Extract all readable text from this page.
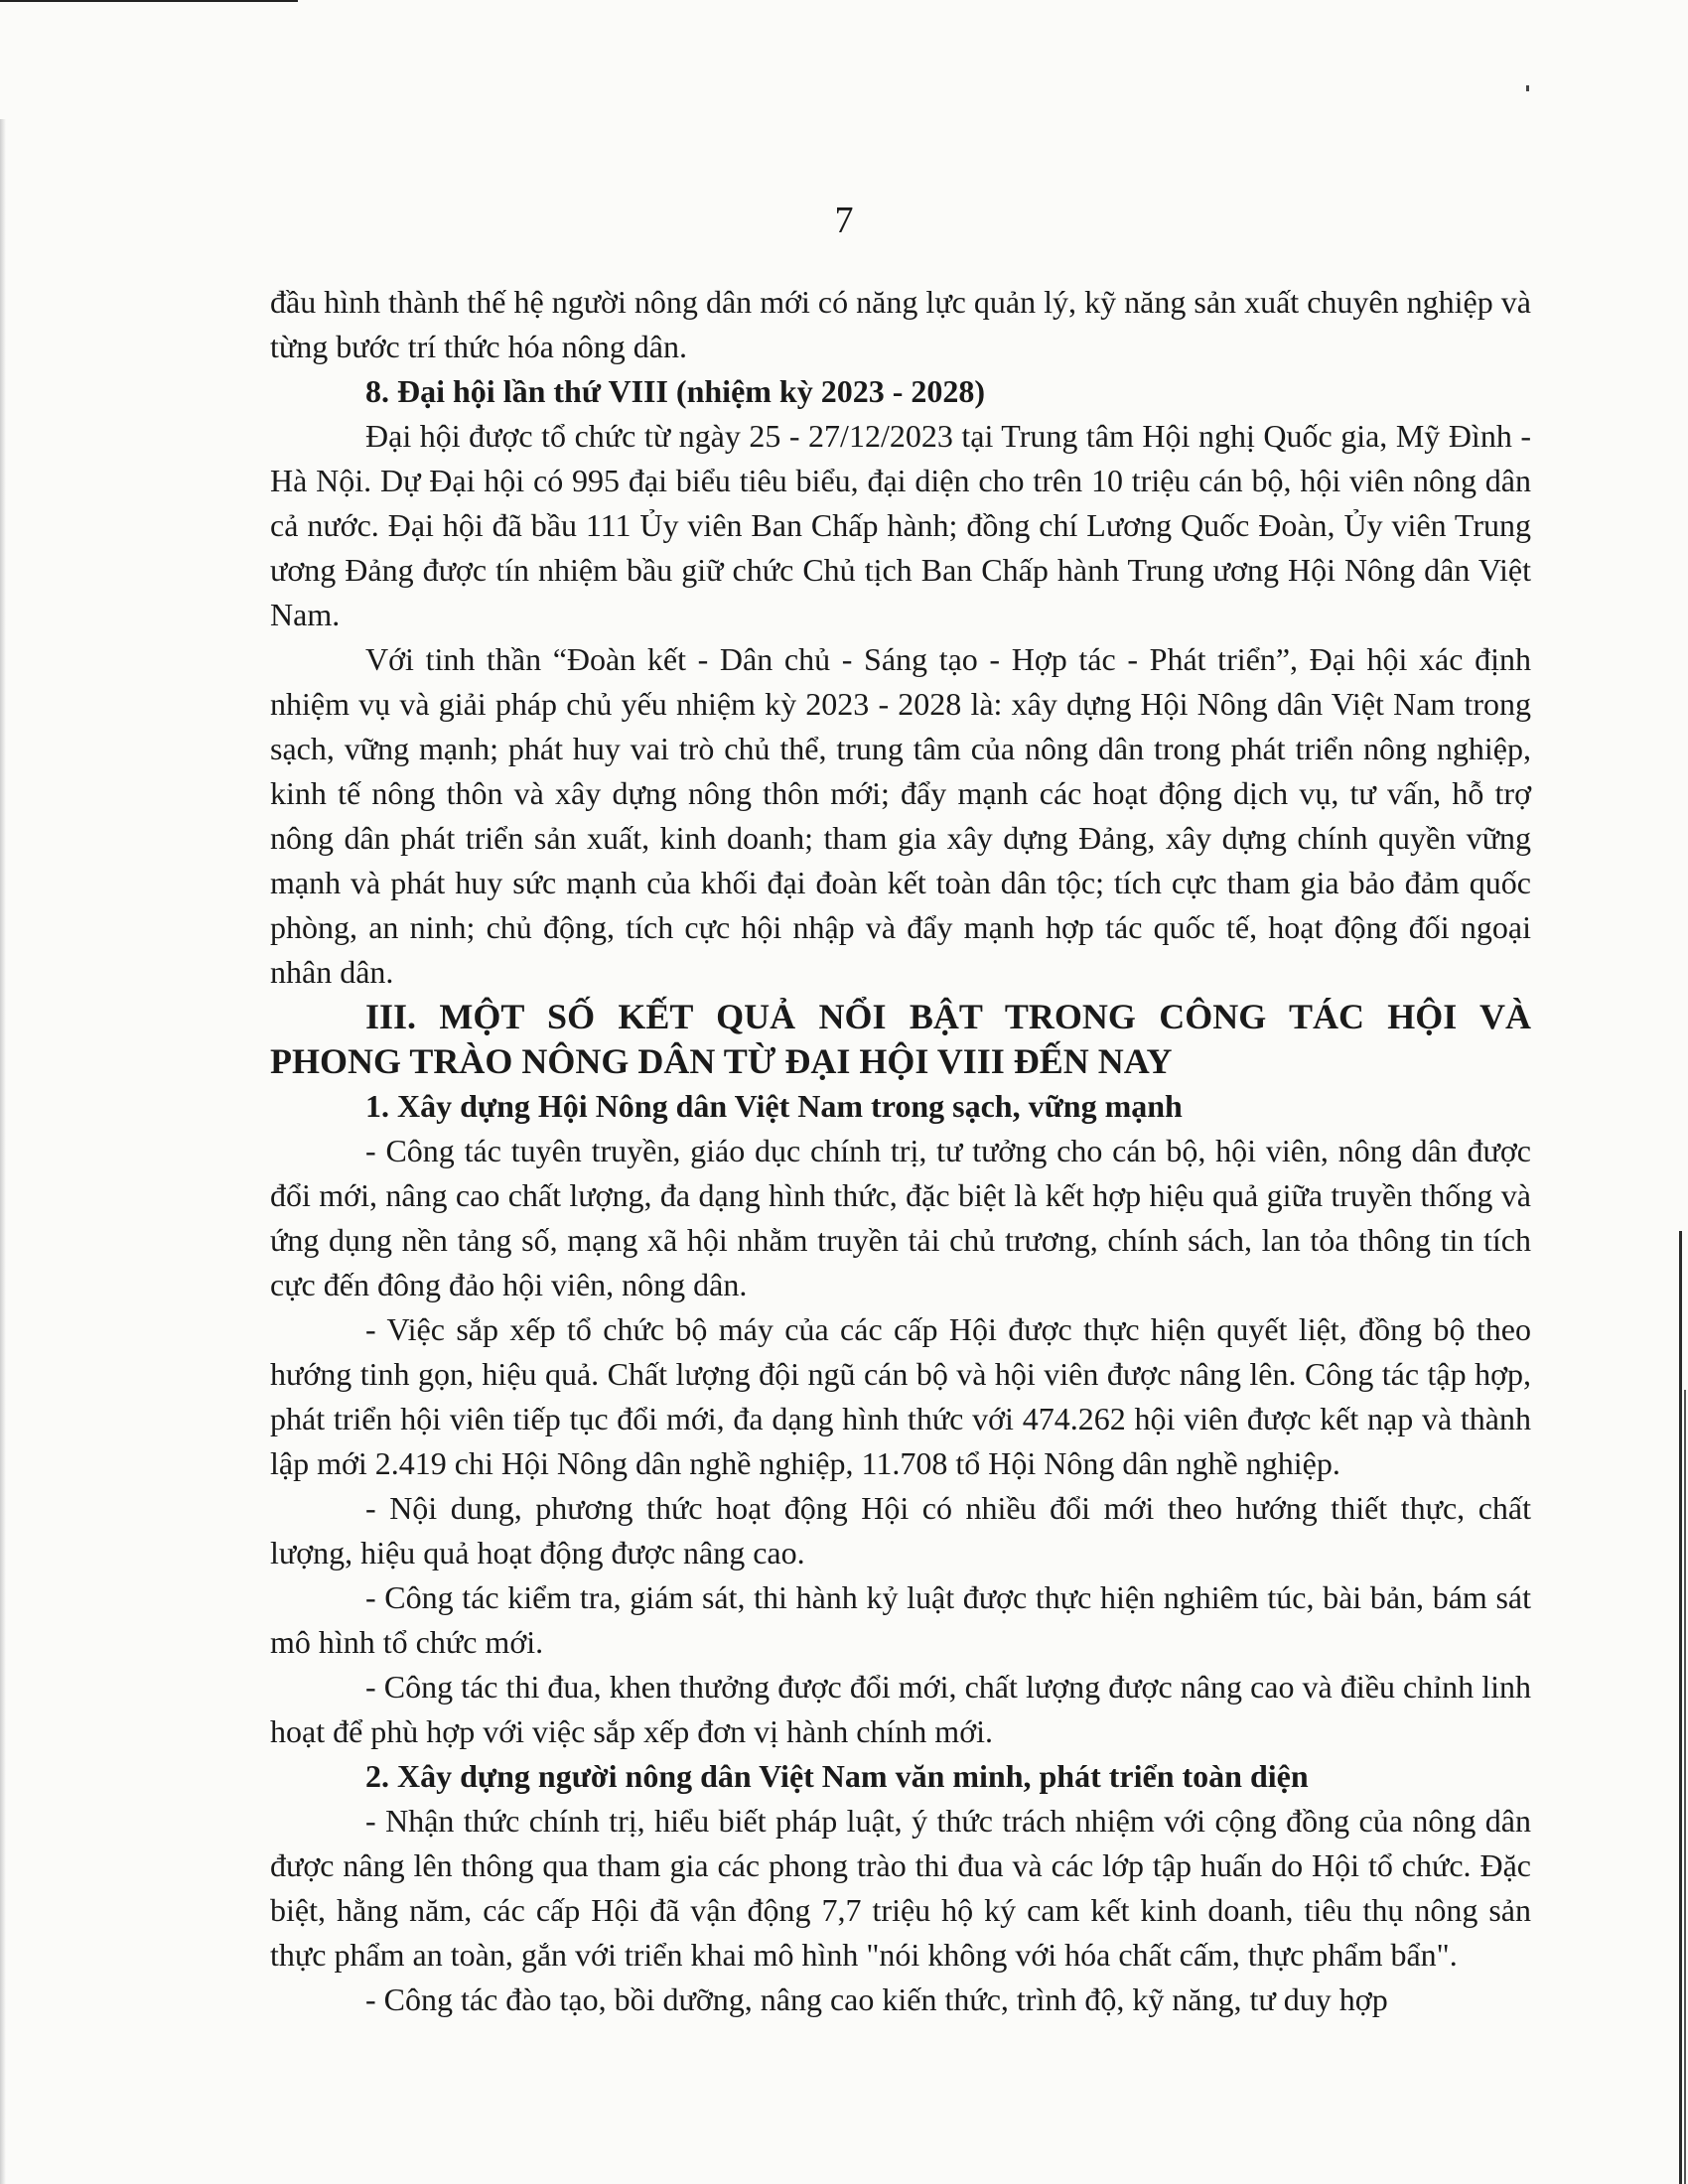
7

đầu hình thành thế hệ người nông dân mới có năng lực quản lý, kỹ năng sản xuất chuyên nghiệp và từng bước trí thức hóa nông dân.

8. Đại hội lần thứ VIII (nhiệm kỳ 2023 - 2028)

Đại hội được tổ chức từ ngày 25 - 27/12/2023 tại Trung tâm Hội nghị Quốc gia, Mỹ Đình - Hà Nội. Dự Đại hội có 995 đại biểu tiêu biểu, đại diện cho trên 10 triệu cán bộ, hội viên nông dân cả nước. Đại hội đã bầu 111 Ủy viên Ban Chấp hành; đồng chí Lương Quốc Đoàn, Ủy viên Trung ương Đảng được tín nhiệm bầu giữ chức Chủ tịch Ban Chấp hành Trung ương Hội Nông dân Việt Nam.

Với tinh thần “Đoàn kết - Dân chủ - Sáng tạo - Hợp tác - Phát triển”, Đại hội xác định nhiệm vụ và giải pháp chủ yếu nhiệm kỳ 2023 - 2028 là: xây dựng Hội Nông dân Việt Nam trong sạch, vững mạnh; phát huy vai trò chủ thể, trung tâm của nông dân trong phát triển nông nghiệp, kinh tế nông thôn và xây dựng nông thôn mới; đẩy mạnh các hoạt động dịch vụ, tư vấn, hỗ trợ nông dân phát triển sản xuất, kinh doanh; tham gia xây dựng Đảng, xây dựng chính quyền vững mạnh và phát huy sức mạnh của khối đại đoàn kết toàn dân tộc; tích cực tham gia bảo đảm quốc phòng, an ninh; chủ động, tích cực hội nhập và đẩy mạnh hợp tác quốc tế, hoạt động đối ngoại nhân dân.

III. MỘT SỐ KẾT QUẢ NỔI BẬT TRONG CÔNG TÁC HỘI VÀ

PHONG TRÀO NÔNG DÂN TỪ ĐẠI HỘI VIII ĐẾN NAY

1. Xây dựng Hội Nông dân Việt Nam trong sạch, vững mạnh

- Công tác tuyên truyền, giáo dục chính trị, tư tưởng cho cán bộ, hội viên, nông dân được đổi mới, nâng cao chất lượng, đa dạng hình thức, đặc biệt là kết hợp hiệu quả giữa truyền thống và ứng dụng nền tảng số, mạng xã hội nhằm truyền tải chủ trương, chính sách, lan tỏa thông tin tích cực đến đông đảo hội viên, nông dân.

- Việc sắp xếp tổ chức bộ máy của các cấp Hội được thực hiện quyết liệt, đồng bộ theo hướng tinh gọn, hiệu quả. Chất lượng đội ngũ cán bộ và hội viên được nâng lên. Công tác tập hợp, phát triển hội viên tiếp tục đổi mới, đa dạng hình thức với 474.262 hội viên được kết nạp và thành lập mới 2.419 chi Hội Nông dân nghề nghiệp, 11.708 tổ Hội Nông dân nghề nghiệp.

- Nội dung, phương thức hoạt động Hội có nhiều đổi mới theo hướng thiết thực, chất lượng, hiệu quả hoạt động được nâng cao.

- Công tác kiểm tra, giám sát, thi hành kỷ luật được thực hiện nghiêm túc, bài bản, bám sát mô hình tổ chức mới.

- Công tác thi đua, khen thưởng được đổi mới, chất lượng được nâng cao và điều chỉnh linh hoạt để phù hợp với việc sắp xếp đơn vị hành chính mới.

2. Xây dựng người nông dân Việt Nam văn minh, phát triển toàn diện

- Nhận thức chính trị, hiểu biết pháp luật, ý thức trách nhiệm với cộng đồng của nông dân được nâng lên thông qua tham gia các phong trào thi đua và các lớp tập huấn do Hội tổ chức. Đặc biệt, hằng năm, các cấp Hội đã vận động 7,7 triệu hộ ký cam kết kinh doanh, tiêu thụ nông sản thực phẩm an toàn, gắn với triển khai mô hình "nói không với hóa chất cấm, thực phẩm bẩn".

- Công tác đào tạo, bồi dưỡng, nâng cao kiến thức, trình độ, kỹ năng, tư duy hợp
